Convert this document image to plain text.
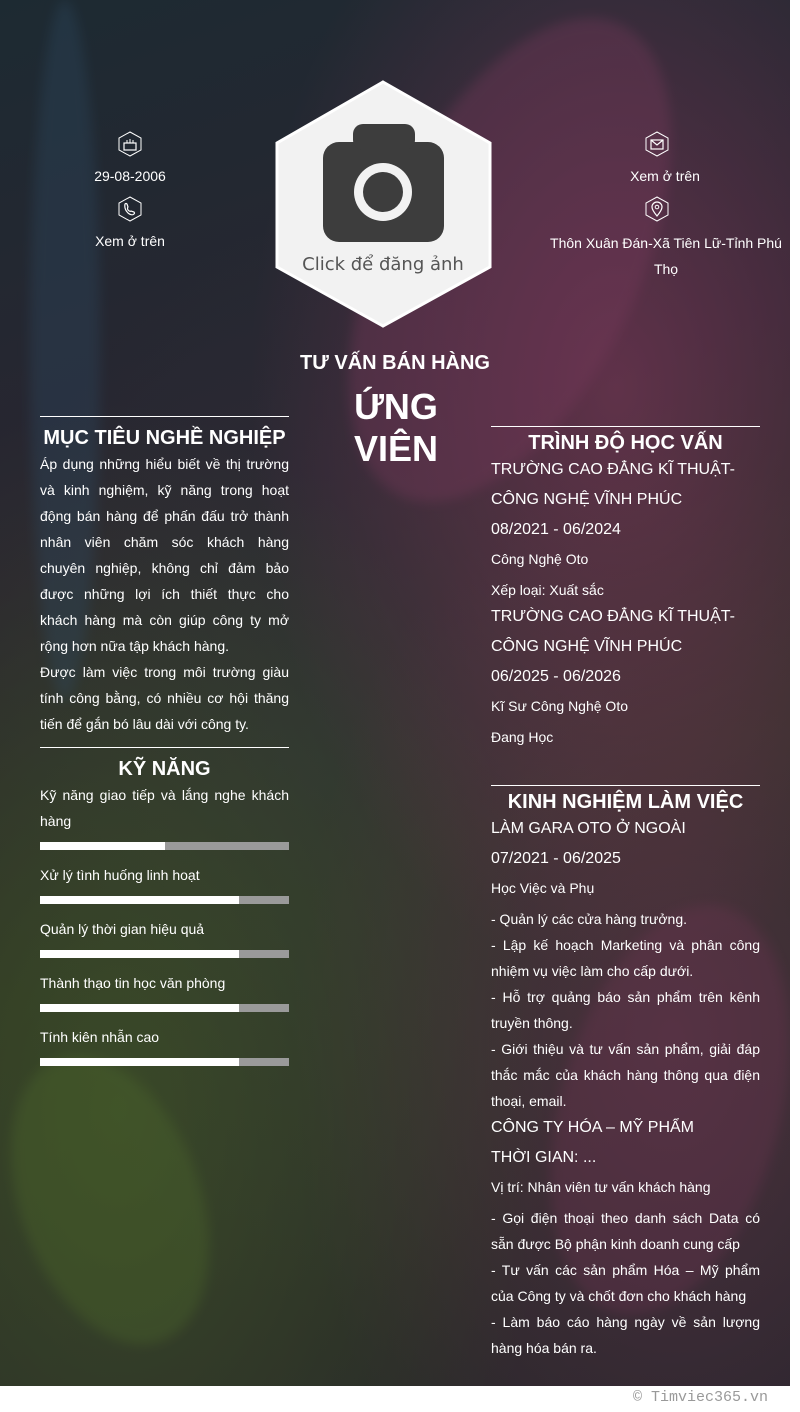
Click để đăng ảnh
29-08-2006
Xem ở trên
Xem ở trên
Thôn Xuân Đán-Xã Tiên Lữ-Tỉnh Phú Thọ
TƯ VẤN BÁN HÀNG
ỨNG
VIÊN
MỤC TIÊU NGHỀ NGHIỆP
Áp dụng những hiểu biết về thị trường và kinh nghiệm, kỹ năng trong hoạt động bán hàng để phấn đấu trở thành nhân viên chăm sóc khách hàng chuyên nghiệp, không chỉ đảm bảo được những lợi ích thiết thực cho khách hàng mà còn giúp công ty mở rộng hơn nữa tập khách hàng.
Được làm việc trong môi trường giàu tính công bằng, có nhiều cơ hội thăng tiến để gắn bó lâu dài với công ty.
KỸ NĂNG
Kỹ năng giao tiếp và lắng nghe khách hàng
Xử lý tình huống linh hoạt
Quản lý thời gian hiệu quả
Thành thạo tin học văn phòng
Tính kiên nhẫn cao
TRÌNH ĐỘ HỌC VẤN
TRƯỜNG CAO ĐẲNG KĨ THUẬT-CÔNG NGHỆ VĨNH PHÚC
08/2021 - 06/2024
Công Nghệ Oto
Xếp loại: Xuất sắc
TRƯỜNG CAO ĐẲNG KĨ THUẬT-CÔNG NGHỆ VĨNH PHÚC
06/2025 - 06/2026
Kĩ Sư Công Nghệ Oto
Đang Học
KINH NGHIỆM LÀM VIỆC
LÀM GARA OTO Ở NGOÀI
07/2021 - 06/2025
Học Việc và Phụ
- Quản lý các cửa hàng trưởng.
- Lập kế hoạch Marketing và phân công nhiệm vụ việc làm cho cấp dưới.
- Hỗ trợ quảng báo sản phẩm trên kênh truyền thông.
- Giới thiệu và tư vấn sản phẩm, giải đáp thắc mắc của khách hàng thông qua điện thoại, email.
CÔNG TY HÓA – MỸ PHẨM
THỜI GIAN: ...
Vị trí: Nhân viên tư vấn khách hàng
- Gọi điện thoại theo danh sách Data có sẵn được Bộ phận kinh doanh cung cấp
- Tư vấn các sản phẩm Hóa – Mỹ phẩm của Công ty và chốt đơn cho khách hàng
- Làm báo cáo hàng ngày về sản lượng hàng hóa bán ra.
© Timviec365.vn
